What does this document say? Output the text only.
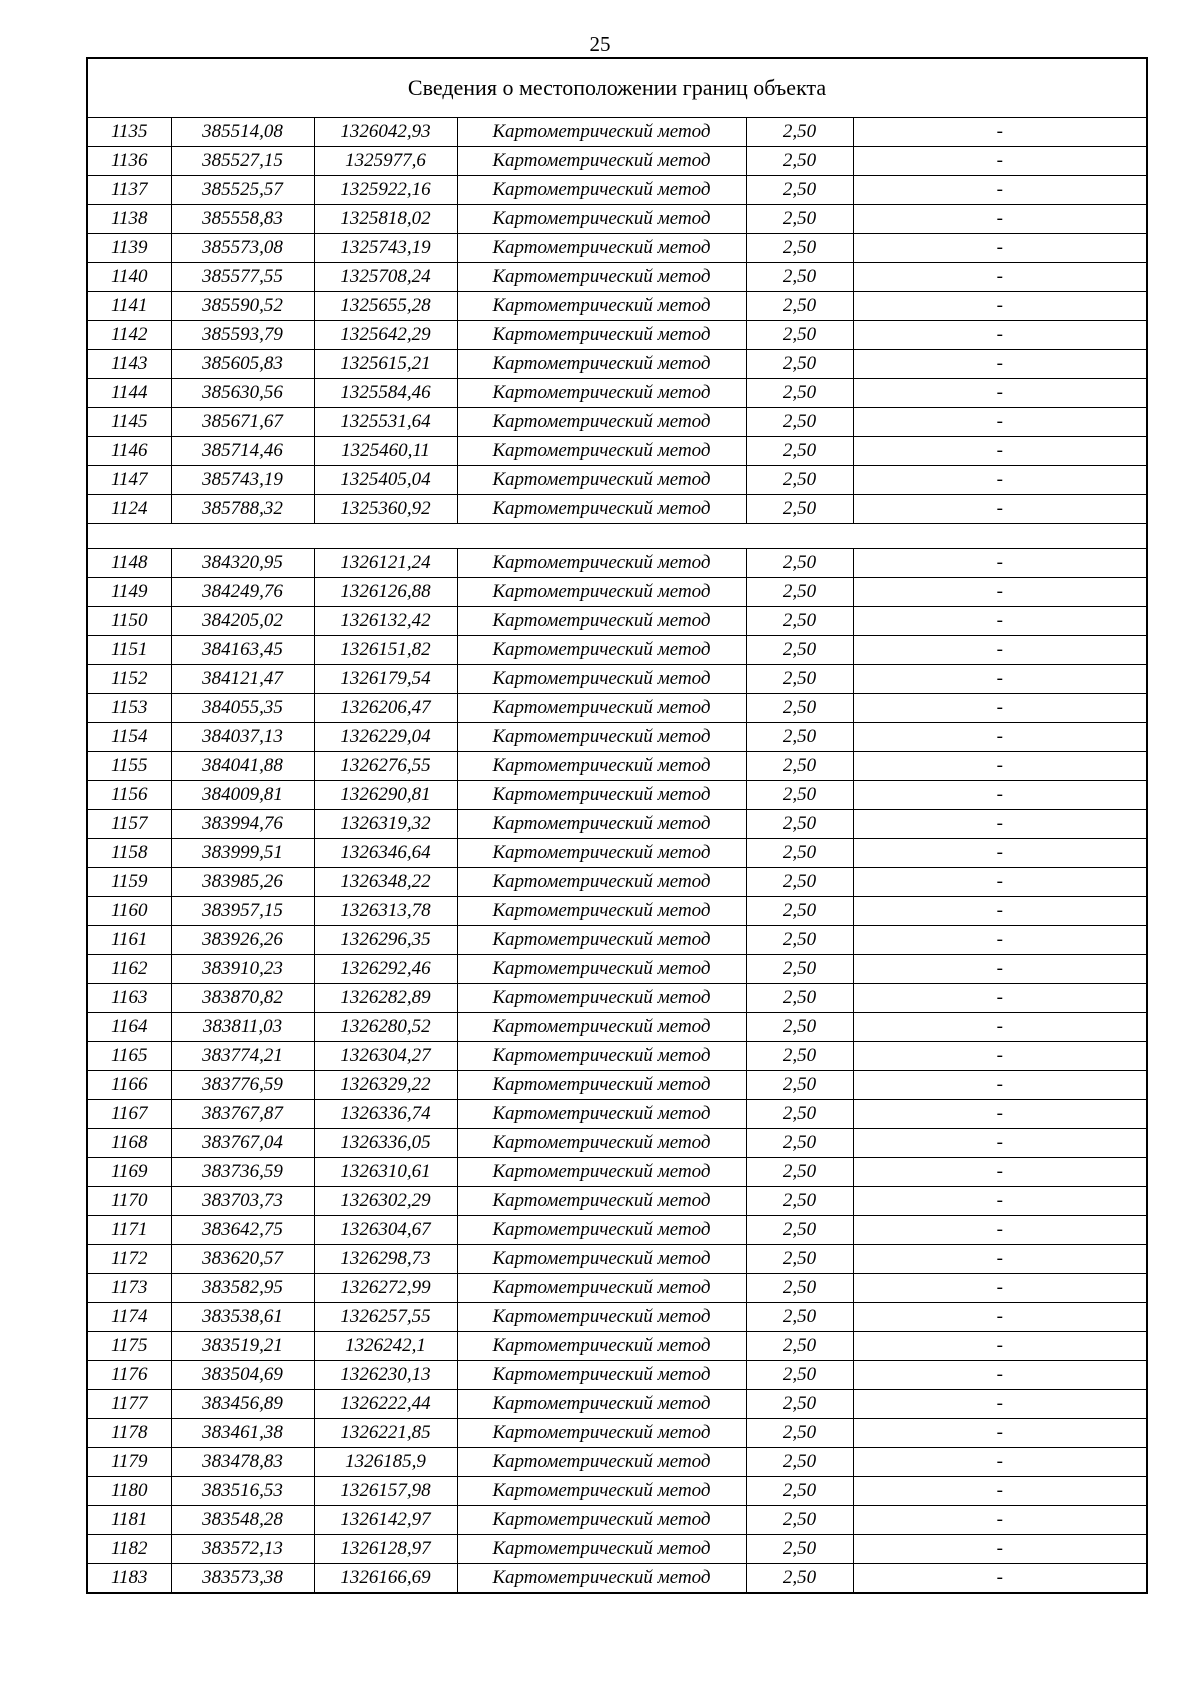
25
Сведения о местоположении границ объекта					
1135	385514,08	1326042,93	Картометрический метод	2,50	-
1136	385527,15	1325977,6	Картометрический метод	2,50	-
1137	385525,57	1325922,16	Картометрический метод	2,50	-
1138	385558,83	1325818,02	Картометрический метод	2,50	-
1139	385573,08	1325743,19	Картометрический метод	2,50	-
1140	385577,55	1325708,24	Картометрический метод	2,50	-
1141	385590,52	1325655,28	Картометрический метод	2,50	-
1142	385593,79	1325642,29	Картометрический метод	2,50	-
1143	385605,83	1325615,21	Картометрический метод	2,50	-
1144	385630,56	1325584,46	Картометрический метод	2,50	-
1145	385671,67	1325531,64	Картометрический метод	2,50	-
1146	385714,46	1325460,11	Картометрический метод	2,50	-
1147	385743,19	1325405,04	Картометрический метод	2,50	-
1124	385788,32	1325360,92	Картометрический метод	2,50	-

1148	384320,95	1326121,24	Картометрический метод	2,50	-
1149	384249,76	1326126,88	Картометрический метод	2,50	-
1150	384205,02	1326132,42	Картометрический метод	2,50	-
1151	384163,45	1326151,82	Картометрический метод	2,50	-
1152	384121,47	1326179,54	Картометрический метод	2,50	-
1153	384055,35	1326206,47	Картометрический метод	2,50	-
1154	384037,13	1326229,04	Картометрический метод	2,50	-
1155	384041,88	1326276,55	Картометрический метод	2,50	-
1156	384009,81	1326290,81	Картометрический метод	2,50	-
1157	383994,76	1326319,32	Картометрический метод	2,50	-
1158	383999,51	1326346,64	Картометрический метод	2,50	-
1159	383985,26	1326348,22	Картометрический метод	2,50	-
1160	383957,15	1326313,78	Картометрический метод	2,50	-
1161	383926,26	1326296,35	Картометрический метод	2,50	-
1162	383910,23	1326292,46	Картометрический метод	2,50	-
1163	383870,82	1326282,89	Картометрический метод	2,50	-
1164	383811,03	1326280,52	Картометрический метод	2,50	-
1165	383774,21	1326304,27	Картометрический метод	2,50	-
1166	383776,59	1326329,22	Картометрический метод	2,50	-
1167	383767,87	1326336,74	Картометрический метод	2,50	-
1168	383767,04	1326336,05	Картометрический метод	2,50	-
1169	383736,59	1326310,61	Картометрический метод	2,50	-
1170	383703,73	1326302,29	Картометрический метод	2,50	-
1171	383642,75	1326304,67	Картометрический метод	2,50	-
1172	383620,57	1326298,73	Картометрический метод	2,50	-
1173	383582,95	1326272,99	Картометрический метод	2,50	-
1174	383538,61	1326257,55	Картометрический метод	2,50	-
1175	383519,21	1326242,1	Картометрический метод	2,50	-
1176	383504,69	1326230,13	Картометрический метод	2,50	-
1177	383456,89	1326222,44	Картометрический метод	2,50	-
1178	383461,38	1326221,85	Картометрический метод	2,50	-
1179	383478,83	1326185,9	Картометрический метод	2,50	-
1180	383516,53	1326157,98	Картометрический метод	2,50	-
1181	383548,28	1326142,97	Картометрический метод	2,50	-
1182	383572,13	1326128,97	Картометрический метод	2,50	-
1183	383573,38	1326166,69	Картометрический метод	2,50	-
